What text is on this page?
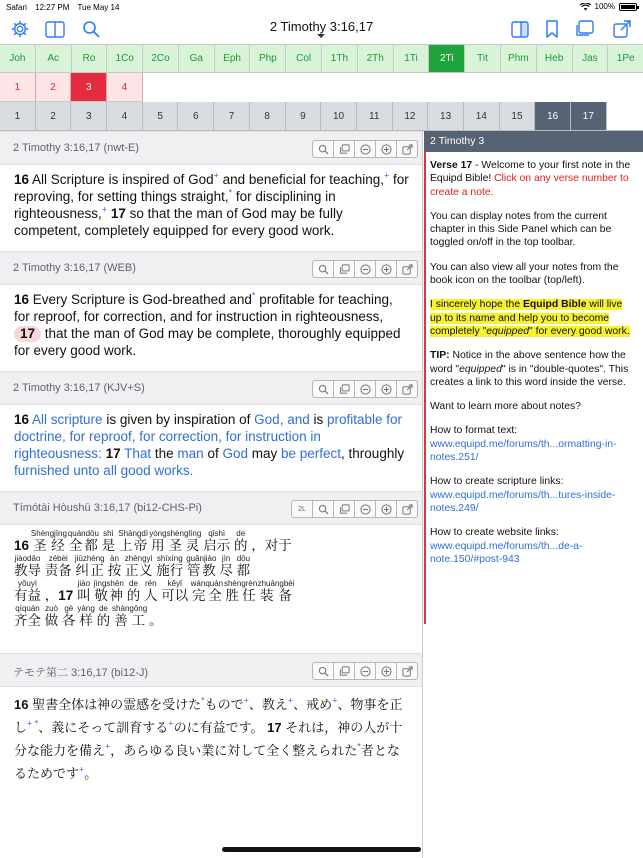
Safari 12:27 PM Tue May 14	100%
2 Timothy 3:16,17
Joh	Ac	Ro	1Co	2Co	Ga	Eph	Php	Col	1Th	2Th	1Ti	2Ti	Tit	Phm	Heb	Jas	1Pe
1	2	3	4
1	2	3	4	5	6	7	8	9	10	11	12	13	14	15	16	17
2 Timothy 3:16,17 (nwt-E)
16 All Scripture is inspired of God+ and beneficial for teaching,+ for reproving, for setting things straight,* for disciplining in righteousness,+ 17 so that the man of God may be fully competent, completely equipped for every good work.
2 Timothy 3:16,17 (WEB)
16 Every Scripture is God-breathed and* profitable for teaching, for reproof, for correction, and for instruction in righteousness, 17 that the man of God may be complete, thoroughly equipped for every good work.
2 Timothy 3:16,17 (KJV+S)
16 All scripture is given by inspiration of God, and is profitable for doctrine, for reproof, for correction, for instruction in righteousness: 17 That the man of God may be perfect, throughly furnished unto all good works.
Tímótài Hòushū 3:16,17 (bi12-CHS-Pi)	2L
16 圣经Shèngjīng 全都quándōu 是shì 上帝Shàngdì 用yòng 圣灵shènglíng 启示qǐshì 的de ，对于
教导jiàodǎo 责备zébèi 纠正jiūzhèng 按àn 正义zhèngyì 施行shīxíng 管教guǎnjiào 尽jìn 都dōu
有益yǒuyì ，17 叫jiào 敬神jìngshén 的de 人rén 可以kěyǐ 完全wánquán 胜任shèngrèn 装备zhuāngbèi
齐全qíquán 做zuò 各gè 样yàng 的de 善工shàngōng 。
テモテ第二 3:16,17 (bi12-J)
16 聖書全体は神の霊感を受けた*もので+、教え+、戒め+、物事を正し+ *、義にそって訓育する+のに有益です。 17 それは，神の人が十分な能力を備え+，あらゆる良い業に対して全く整えられた*者となるためです+。
2 Timothy 3

Verse 17 - Welcome to your first note in the Equipd Bible! Click on any verse number to create a note.

You can display notes from the current chapter in this Side Panel which can be toggled on/off in the top toolbar.

You can also view all your notes from the book icon on the toolbar (top/left).

I sincerely hope the Equipd Bible will live up to its name and help you to become completely "equipped" for every good work.

TIP: Notice in the above sentence how the word "equipped" is in "double-quotes". This creates a link to this word inside the verse.

Want to learn more about notes?

How to format text:
www.equipd.me/forums/th...ormatting-in-notes.251/

How to create scripture links:
www.equipd.me/forums/th...tures-inside-notes.249/

How to create website links:
www.equipd.me/forums/th...de-a-note.150/#post-943
